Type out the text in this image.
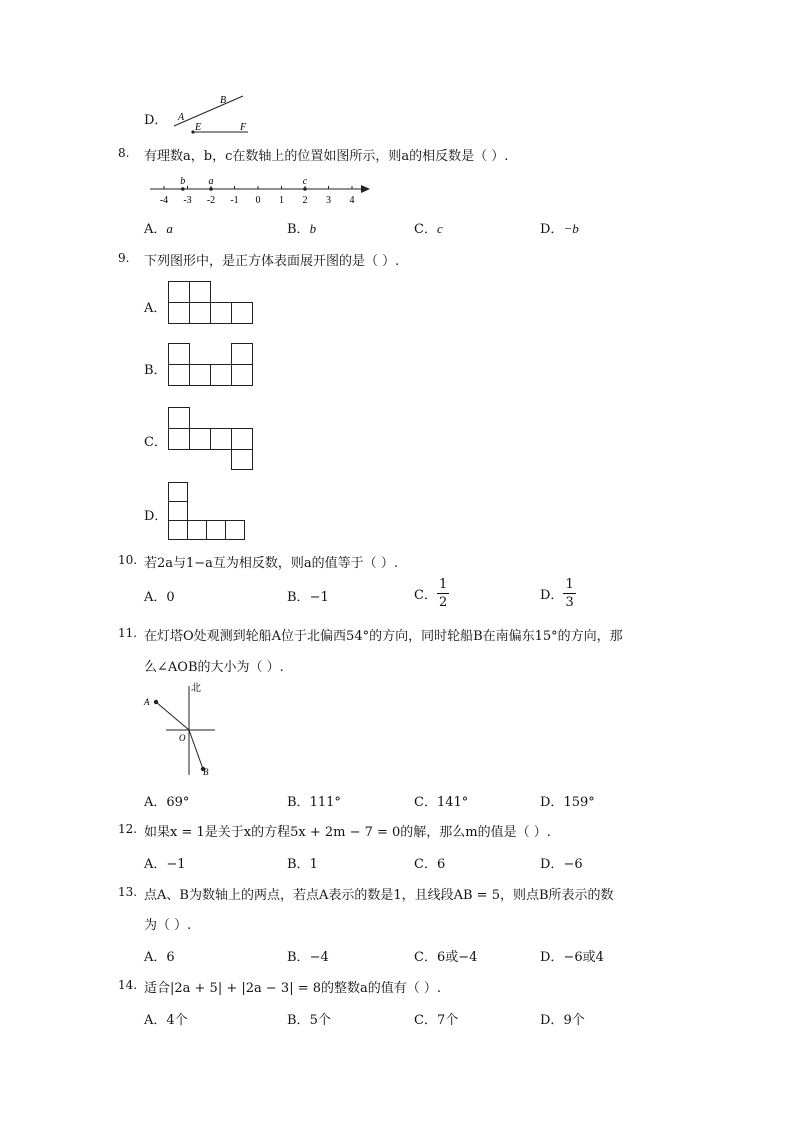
D． A
B
E	F
8. 有理数a，b，c在数轴上的位置如图所示，则a的相反数是（ ）.
-4 -3 -2 -1 0 1 2 3 4
b a	c
A．a	B．b	C．c	D．−b
9. 下列图形中，是正方体表面展开图的是（ ）.
A．
B．
C．
D．
10. 若2a与1−a互为相反数，则a的值等于（ ）.
A．0	B．−1	C． $\frac{1}{2}$	D． $\frac{1}{3}$
11. 在灯塔O处观测到轮船A位于北偏西54°的方向，同时轮船B在南偏东15°的方向，那
么∠AOB的大小为（ ）.
北
A
O
B
A．69°	B．111°	C．141°	D．159°
12. 如果x = 1是关于x的方程5x + 2m − 7 = 0的解，那么m的值是（ ）.
A．−1	B．1	C．6	D．−6
13. 点A、B为数轴上的两点，若点A表示的数是1，且线段AB = 5，则点B所表示的数
为（ ）.
A．6	B．−4	C．6或−4	D．−6或4
14. 适合|2a + 5| + |2a − 3| = 8的整数a的值有（ ）.
A．4个	B．5个	C．7个	D．9个
